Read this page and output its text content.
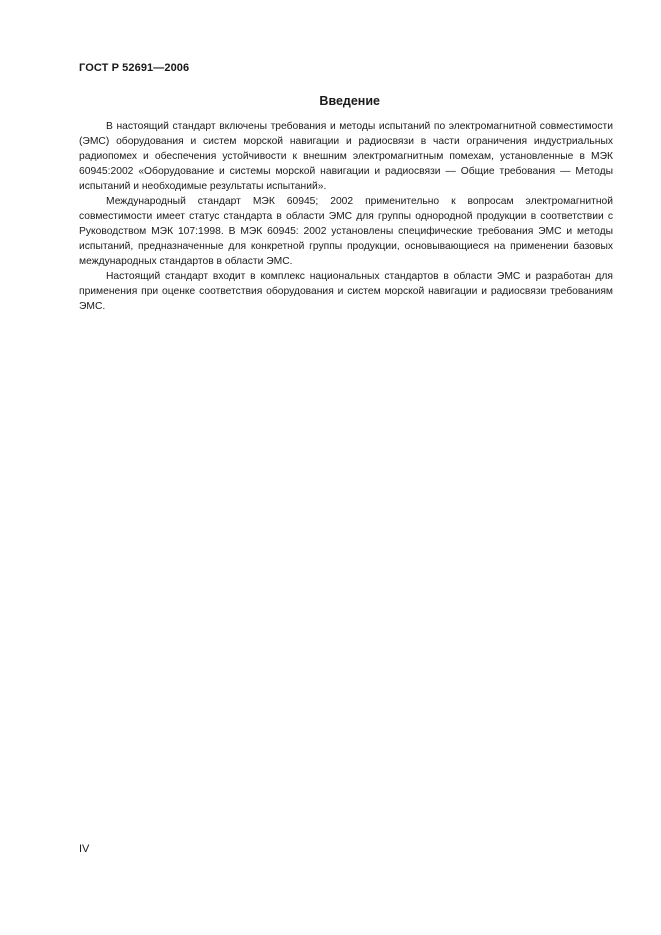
ГОСТ Р 52691—2006
Введение

В настоящий стандарт включены требования и методы испытаний по электромагнитной совместимости (ЭМС) оборудования и систем морской навигации и радиосвязи в части ограничения индустриальных радиопомех и обеспечения устойчивости к внешним электромагнитным помехам, установленные в МЭК 60945:2002 «Оборудование и системы морской навигации и радиосвязи — Общие требования — Методы испытаний и необходимые результаты испытаний».

Международный стандарт МЭК 60945; 2002 применительно к вопросам электромагнитной совместимости имеет статус стандарта в области ЭМС для группы однородной продукции в соответствии с Руководством МЭК 107:1998. В МЭК 60945: 2002 установлены специфические требования ЭМС и методы испытаний, предназначенные для конкретной группы продукции, основывающиеся на применении базовых международных стандартов в области ЭМС.

Настоящий стандарт входит в комплекс национальных стандартов в области ЭМС и разработан для применения при оценке соответствия оборудования и систем морской навигации и радиосвязи требованиям ЭМС.

IV
